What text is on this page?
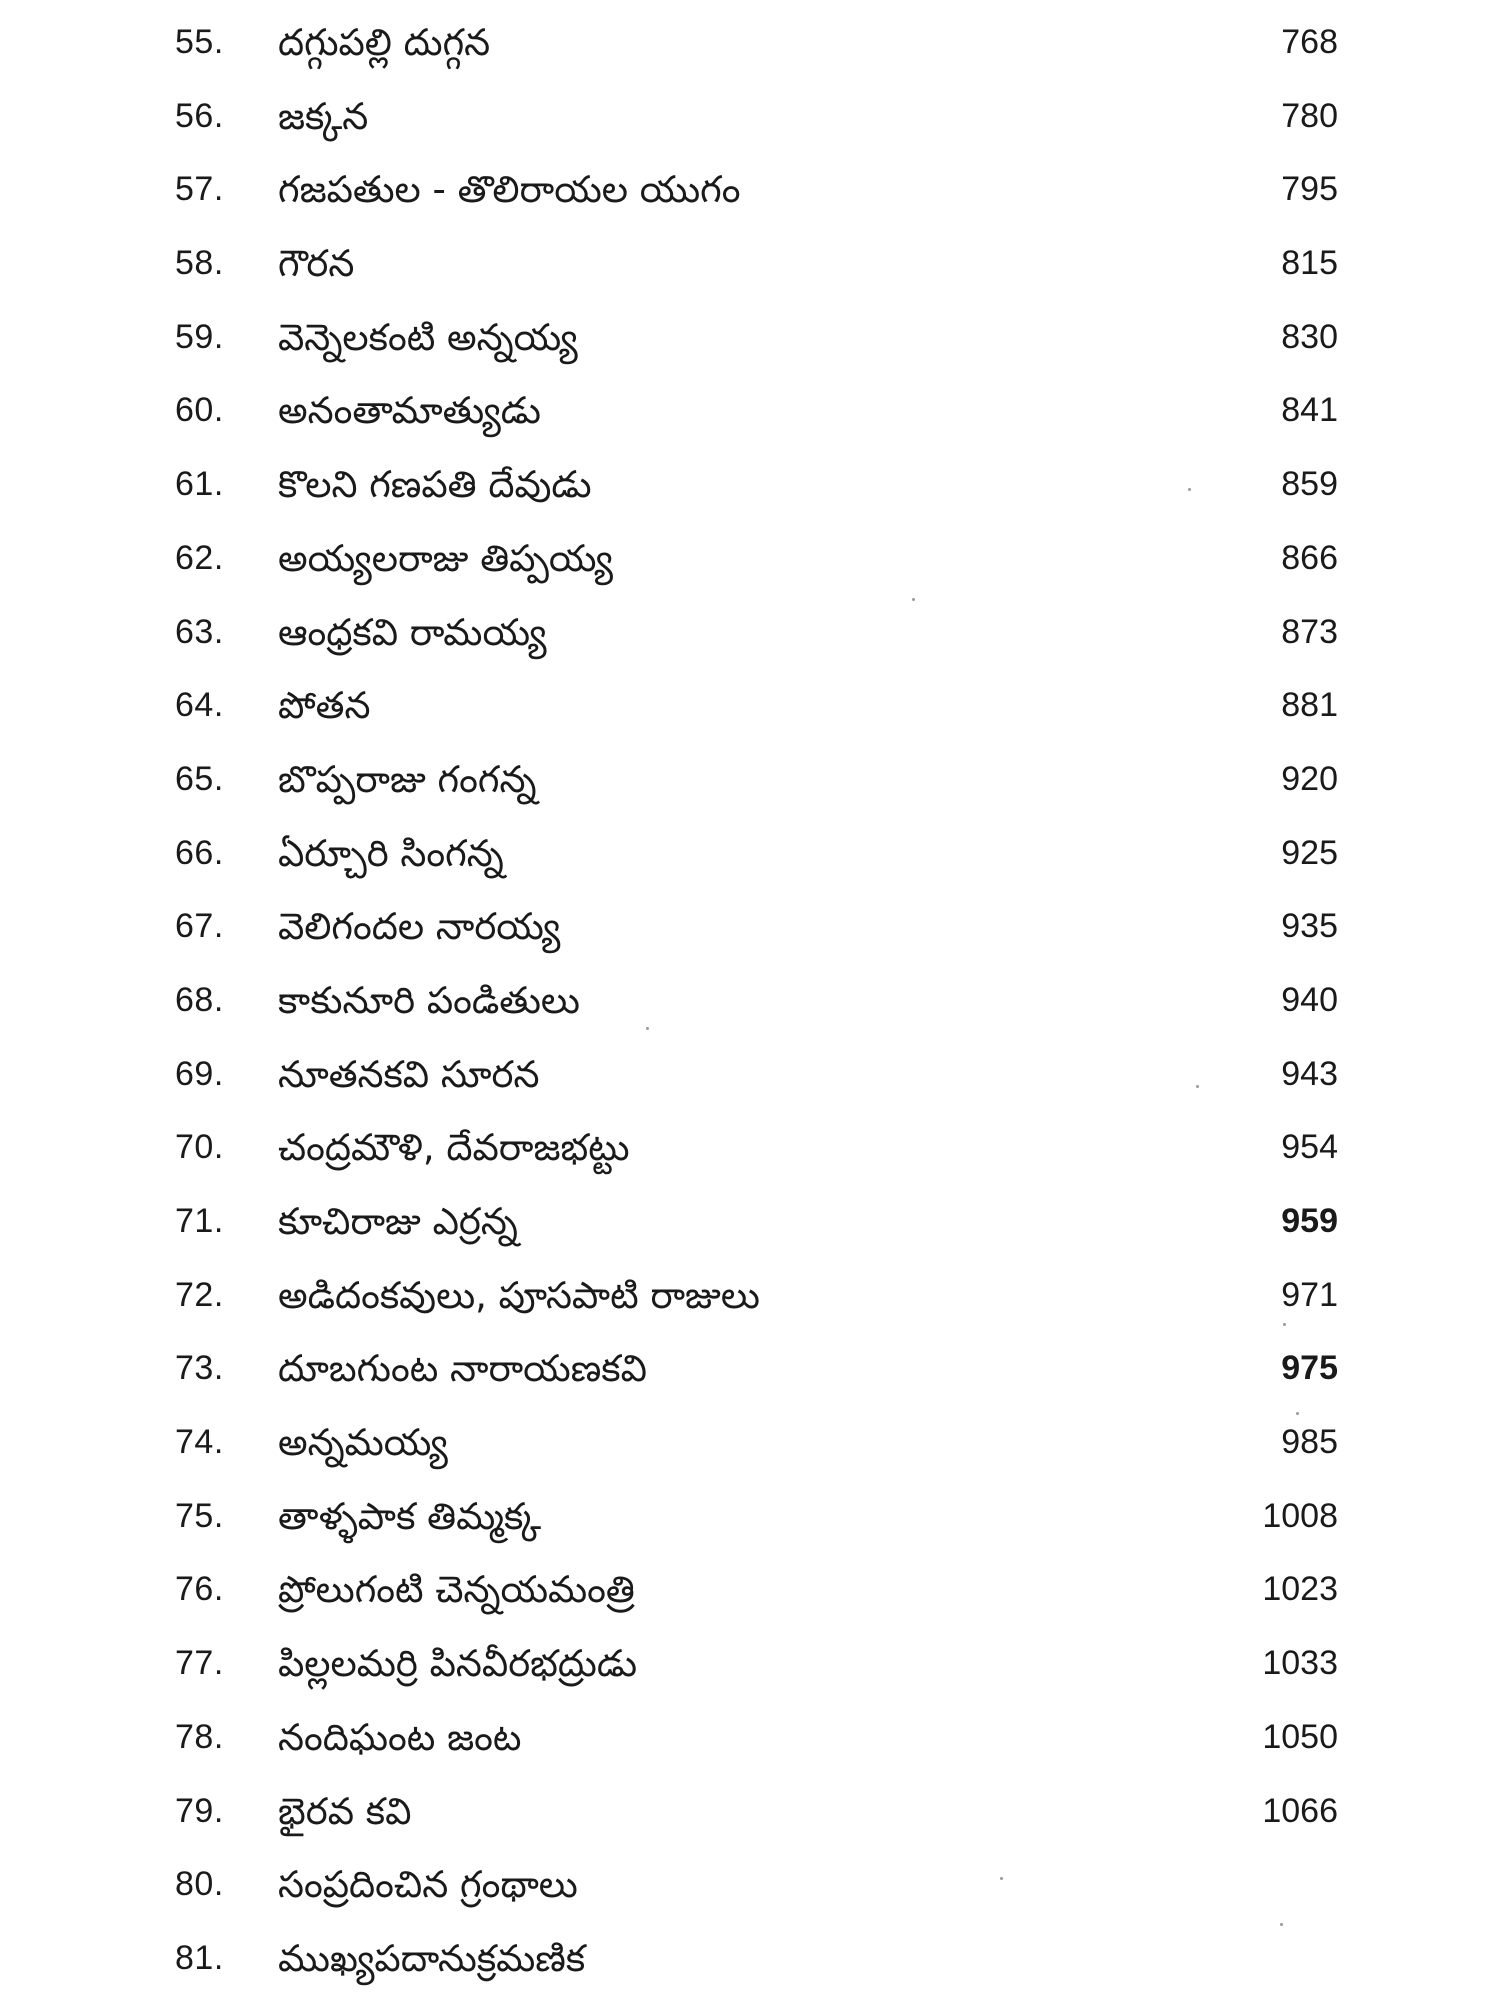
55.	దగ్గుపల్లి దుగ్గన	768
56.	జక్కన	780
57.	గజపతుల - తొలిరాయల యుగం	795
58.	గౌరన	815
59.	వెన్నెలకంటి అన్నయ్య	830
60.	అనంతామాత్యుడు	841
61.	కొలని గణపతి దేవుడు	859
62.	అయ్యలరాజు తిప్పయ్య	866
63.	ఆంధ్రకవి రామయ్య	873
64.	పోతన	881
65.	బొప్పరాజు గంగన్న	920
66.	ఏర్చూరి సింగన్న	925
67.	వెలిగందల నారయ్య	935
68.	కాకునూరి పండితులు	940
69.	నూతనకవి సూరన	943
70.	చంద్రమౌళి, దేవరాజభట్టు	954
71.	కూచిరాజు ఎర్రన్న	959
72.	అడిదంకవులు, పూసపాటి రాజులు	971
73.	దూబగుంట నారాయణకవి	975
74.	అన్నమయ్య	985
75.	తాళ్ళపాక తిమ్మక్క	1008
76.	ప్రోలుగంటి చెన్నయమంత్రి	1023
77.	పిల్లలమర్రి పినవీరభద్రుడు	1033
78.	నందిఘంట జంట	1050
79.	భైరవ కవి	1066
80.	సంప్రదించిన గ్రంథాలు
81.	ముఖ్యపదానుక్రమణిక
